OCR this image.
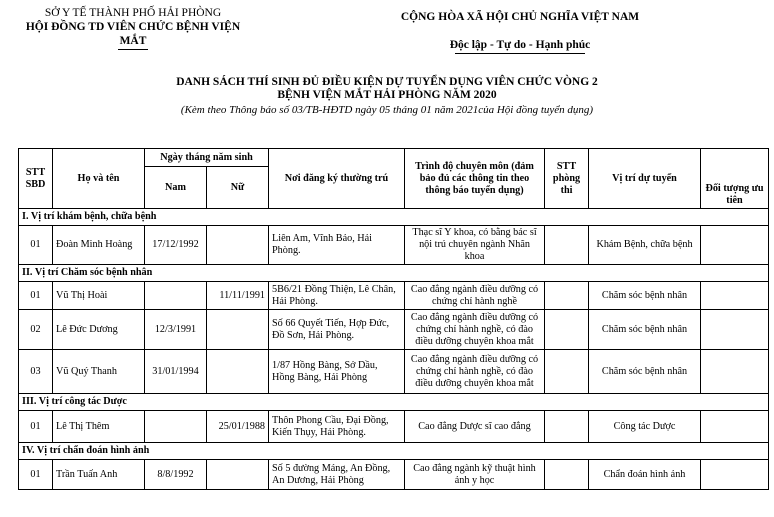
SỞ Y TẾ THÀNH PHỐ HẢI PHÒNG
HỘI ĐỒNG TD VIÊN CHỨC BỆNH VIỆN
MẮT
CỘNG HÒA XÃ HỘI CHỦ NGHĨA VIỆT NAM
Độc lập - Tự do - Hạnh phúc
DANH SÁCH THÍ SINH ĐỦ ĐIỀU KIỆN DỰ TUYỂN DỤNG VIÊN CHỨC VÒNG 2
BỆNH VIỆN MẮT HẢI PHÒNG NĂM 2020
(Kèm theo Thông báo số 03/TB-HĐTD ngày 05 tháng 01 năm 2021của Hội đồng tuyển dụng)
STT SBD	Họ và tên	Ngày tháng năm sinh		Nơi đăng ký thường trú	Trình độ chuyên môn (đảm bảo đủ các thông tin theo thông báo tuyển dụng)	STT phòng thi	Vị trí dự tuyển	Đối tượng ưu tiên
		Nam	Nữ					
I. Vị trí khám bệnh, chữa bệnh								
01	Đoàn Minh Hoàng	17/12/1992		Liên Am, Vĩnh Bảo, Hải Phòng.	Thạc sĩ Y khoa, có bằng bác sĩ nội trú chuyên ngành Nhãn khoa		Khám Bệnh, chữa bệnh	
II. Vị trí Chăm sóc bệnh nhân								
01	Vũ Thị Hoài		11/11/1991	5B6/21 Đồng Thiện, Lê Chân, Hải Phòng.	Cao đẳng ngành điều dưỡng có chứng chỉ hành nghề		Chăm sóc bệnh nhân	
02	Lê Đức Dương	12/3/1991		Số 66 Quyết Tiến, Hợp Đức, Đồ Sơn, Hải Phòng.	Cao đẳng ngành điều dưỡng có chứng chỉ hành nghề, có đào điều dưỡng chuyên khoa mắt		Chăm sóc bệnh nhân	
03	Vũ Quý Thanh	31/01/1994		1/87 Hồng Bàng, Sở Dầu, Hồng Bàng, Hải Phòng	Cao đẳng ngành điều dưỡng có chứng chỉ hành nghề, có đào điều dưỡng chuyên khoa mắt		Chăm sóc bệnh nhân	
III. Vị trí công tác Dược								
01	Lê Thị Thêm		25/01/1988	Thôn Phong Cầu, Đại Đồng, Kiến Thụy, Hải Phòng.	Cao đẳng Dược sĩ cao đẳng		Công tác Dược	
IV. Vị trí chẩn đoán hình ảnh								
01	Trần Tuấn Anh	8/8/1992		Số 5 đường Máng, An Đồng, An Dương, Hải Phòng	Cao đẳng ngành kỹ thuật hình ảnh y học		Chẩn đoán hình ảnh	
